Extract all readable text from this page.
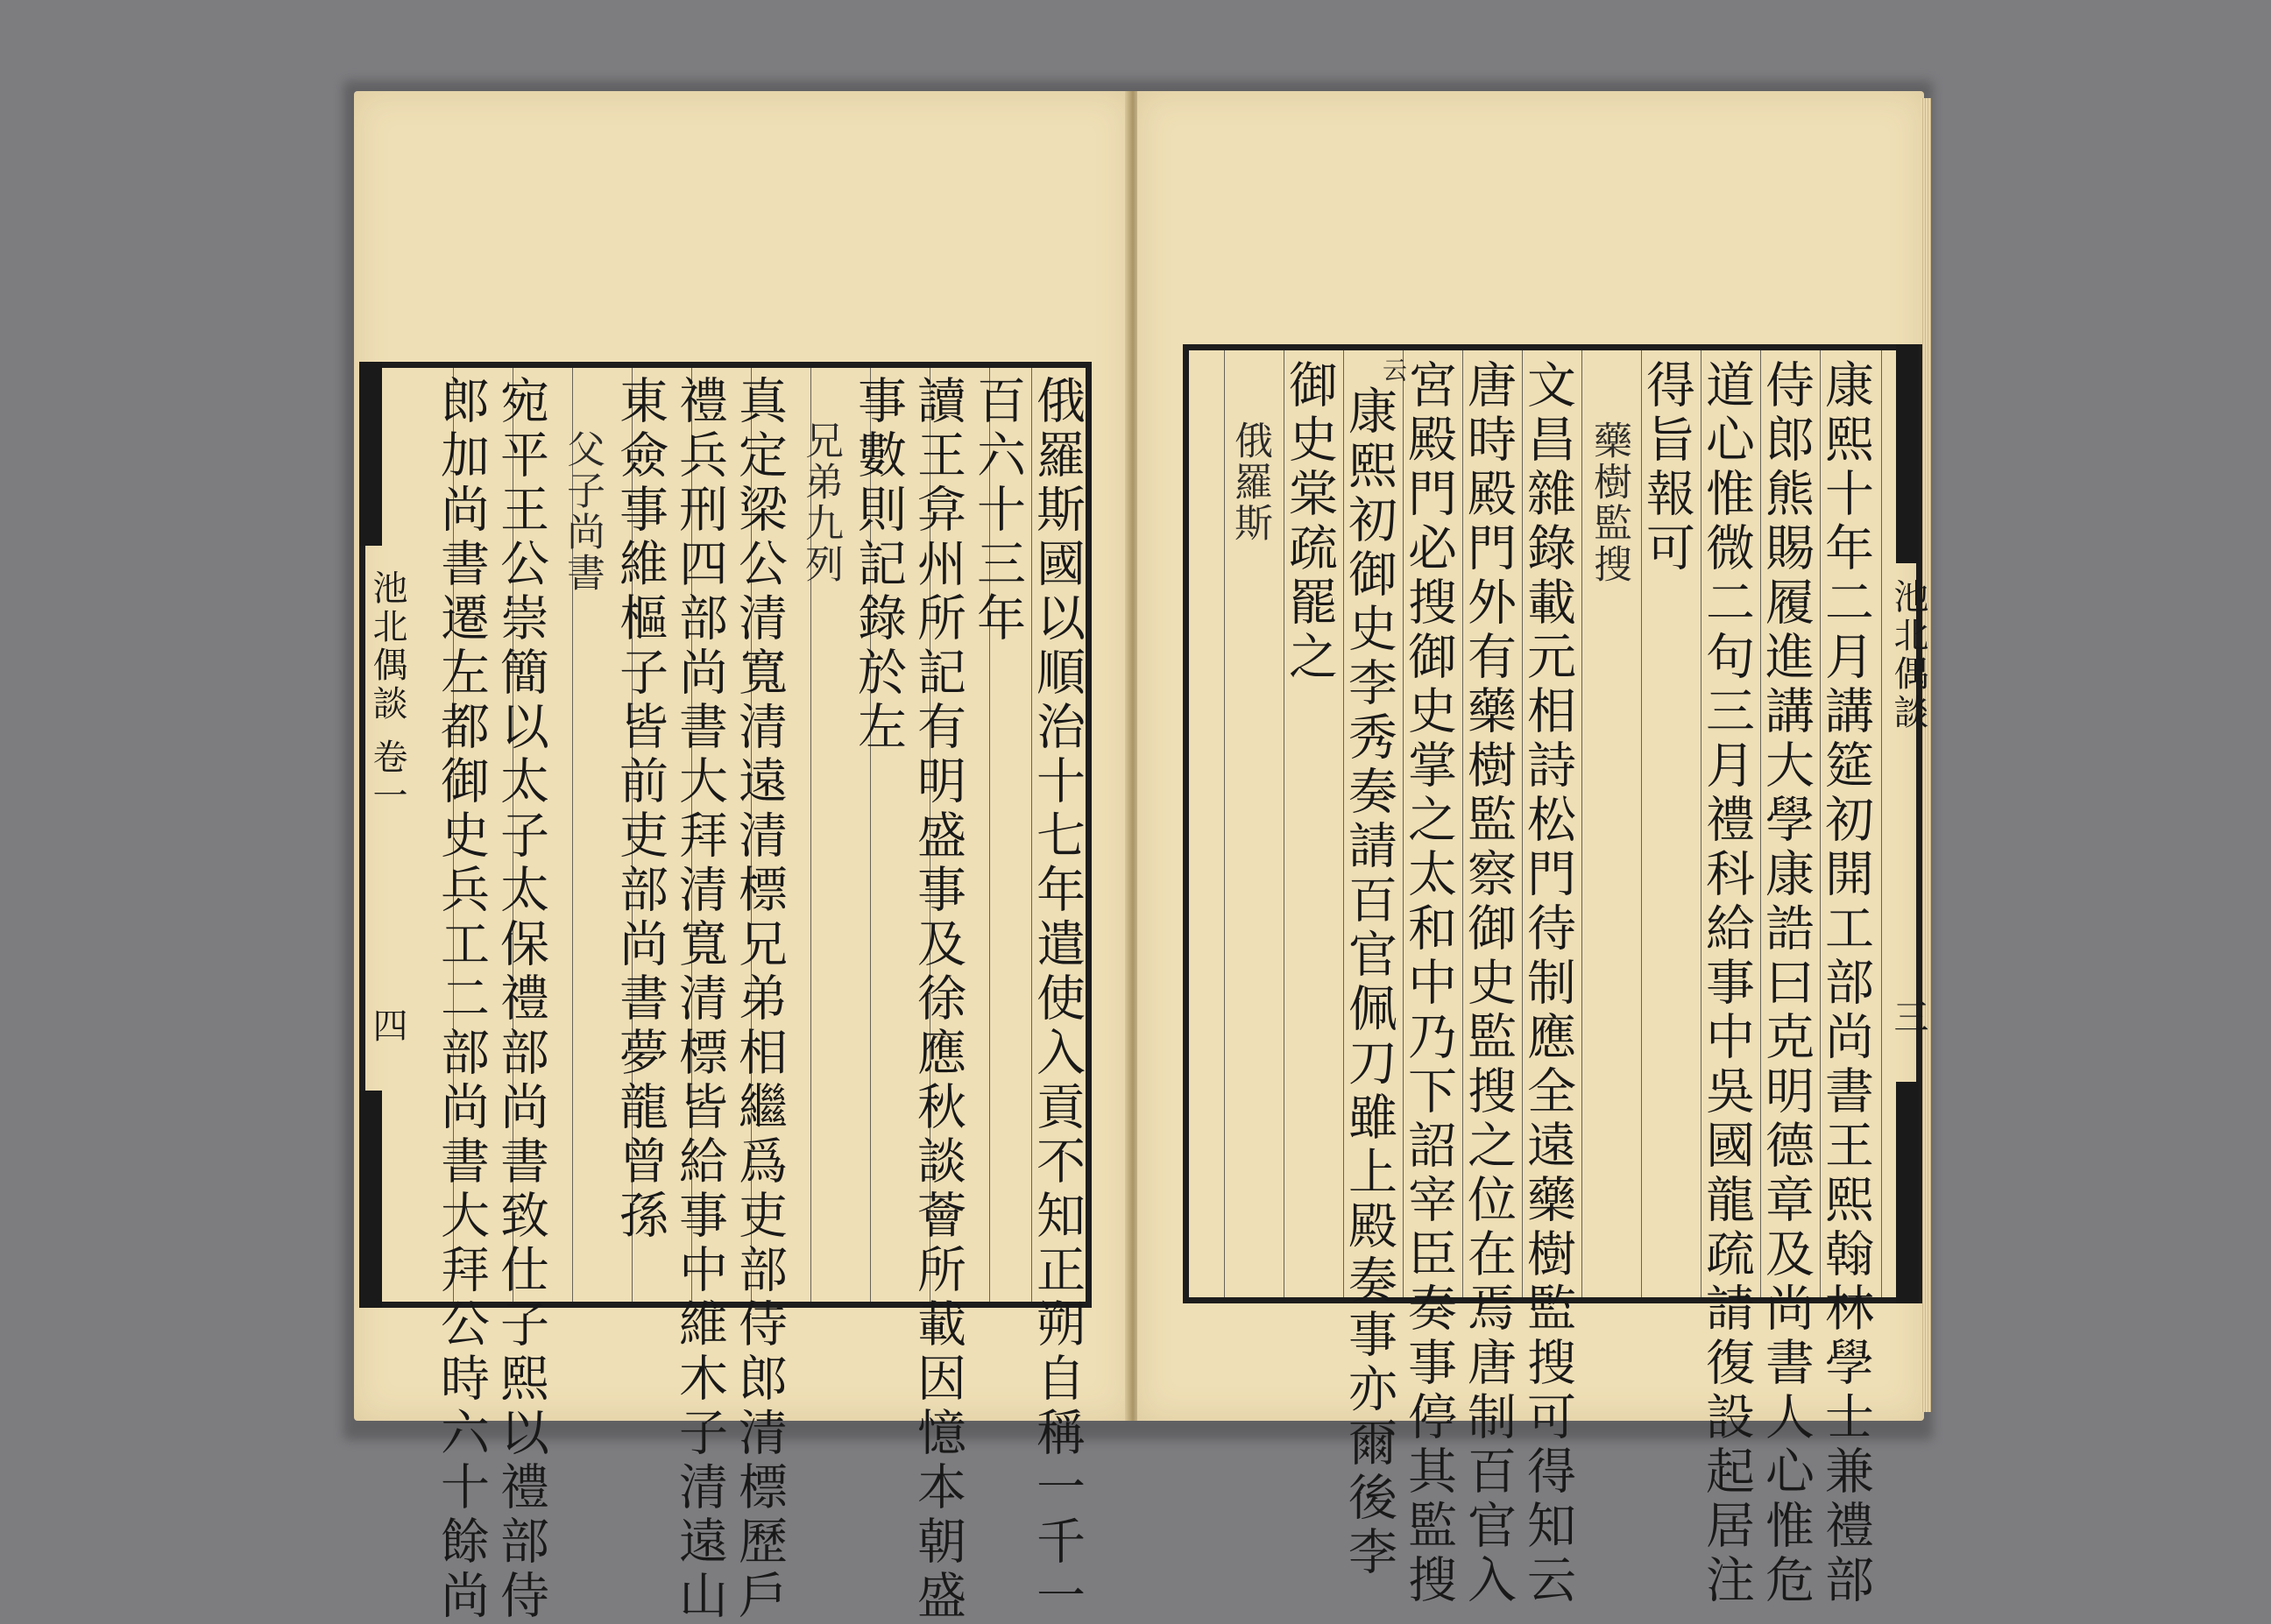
池北偶談 卷一
四	俄羅斯國以順治十七年遣使入貢不知正朔自稱一千一
百六十三年
讀王弇州所記有明盛事及徐應秋談薈所載因憶本朝盛
事數則記錄於左
兄弟九列
真定梁公清寬清遠清標兄弟相繼爲吏部侍郎清標歷戶
禮兵刑四部尚書大拜清寬清標皆給事中維木子清遠山
東僉事維樞子皆前吏部尚書夢龍曾孫
父子尚書
宛平王公崇簡以太子太保禮部尚書致仕子熙以禮部侍
郎加尚書遷左都御史兵工二部尚書大拜公時六十餘尚	池北偶談
三
康熙十年二月講筵初開工部尚書王熙翰林學士兼禮部
侍郎熊賜履進講大學康誥曰克明德章及尚書人心惟危
道心惟微二句三月禮科給事中吳國龍疏請復設起居注
得旨報可
藥樹監搜
文昌雜錄載元相詩松門待制應全遠藥樹監搜可得知云
唐時殿門外有藥樹監察御史監搜之位在焉唐制百官入
宮殿門必搜御史掌之太和中乃下詔宰臣奏事停其監搜
云
康熙初御史李秀奏請百官佩刀雖上殿奏事亦爾後李
御史棠疏罷之
俄羅斯
